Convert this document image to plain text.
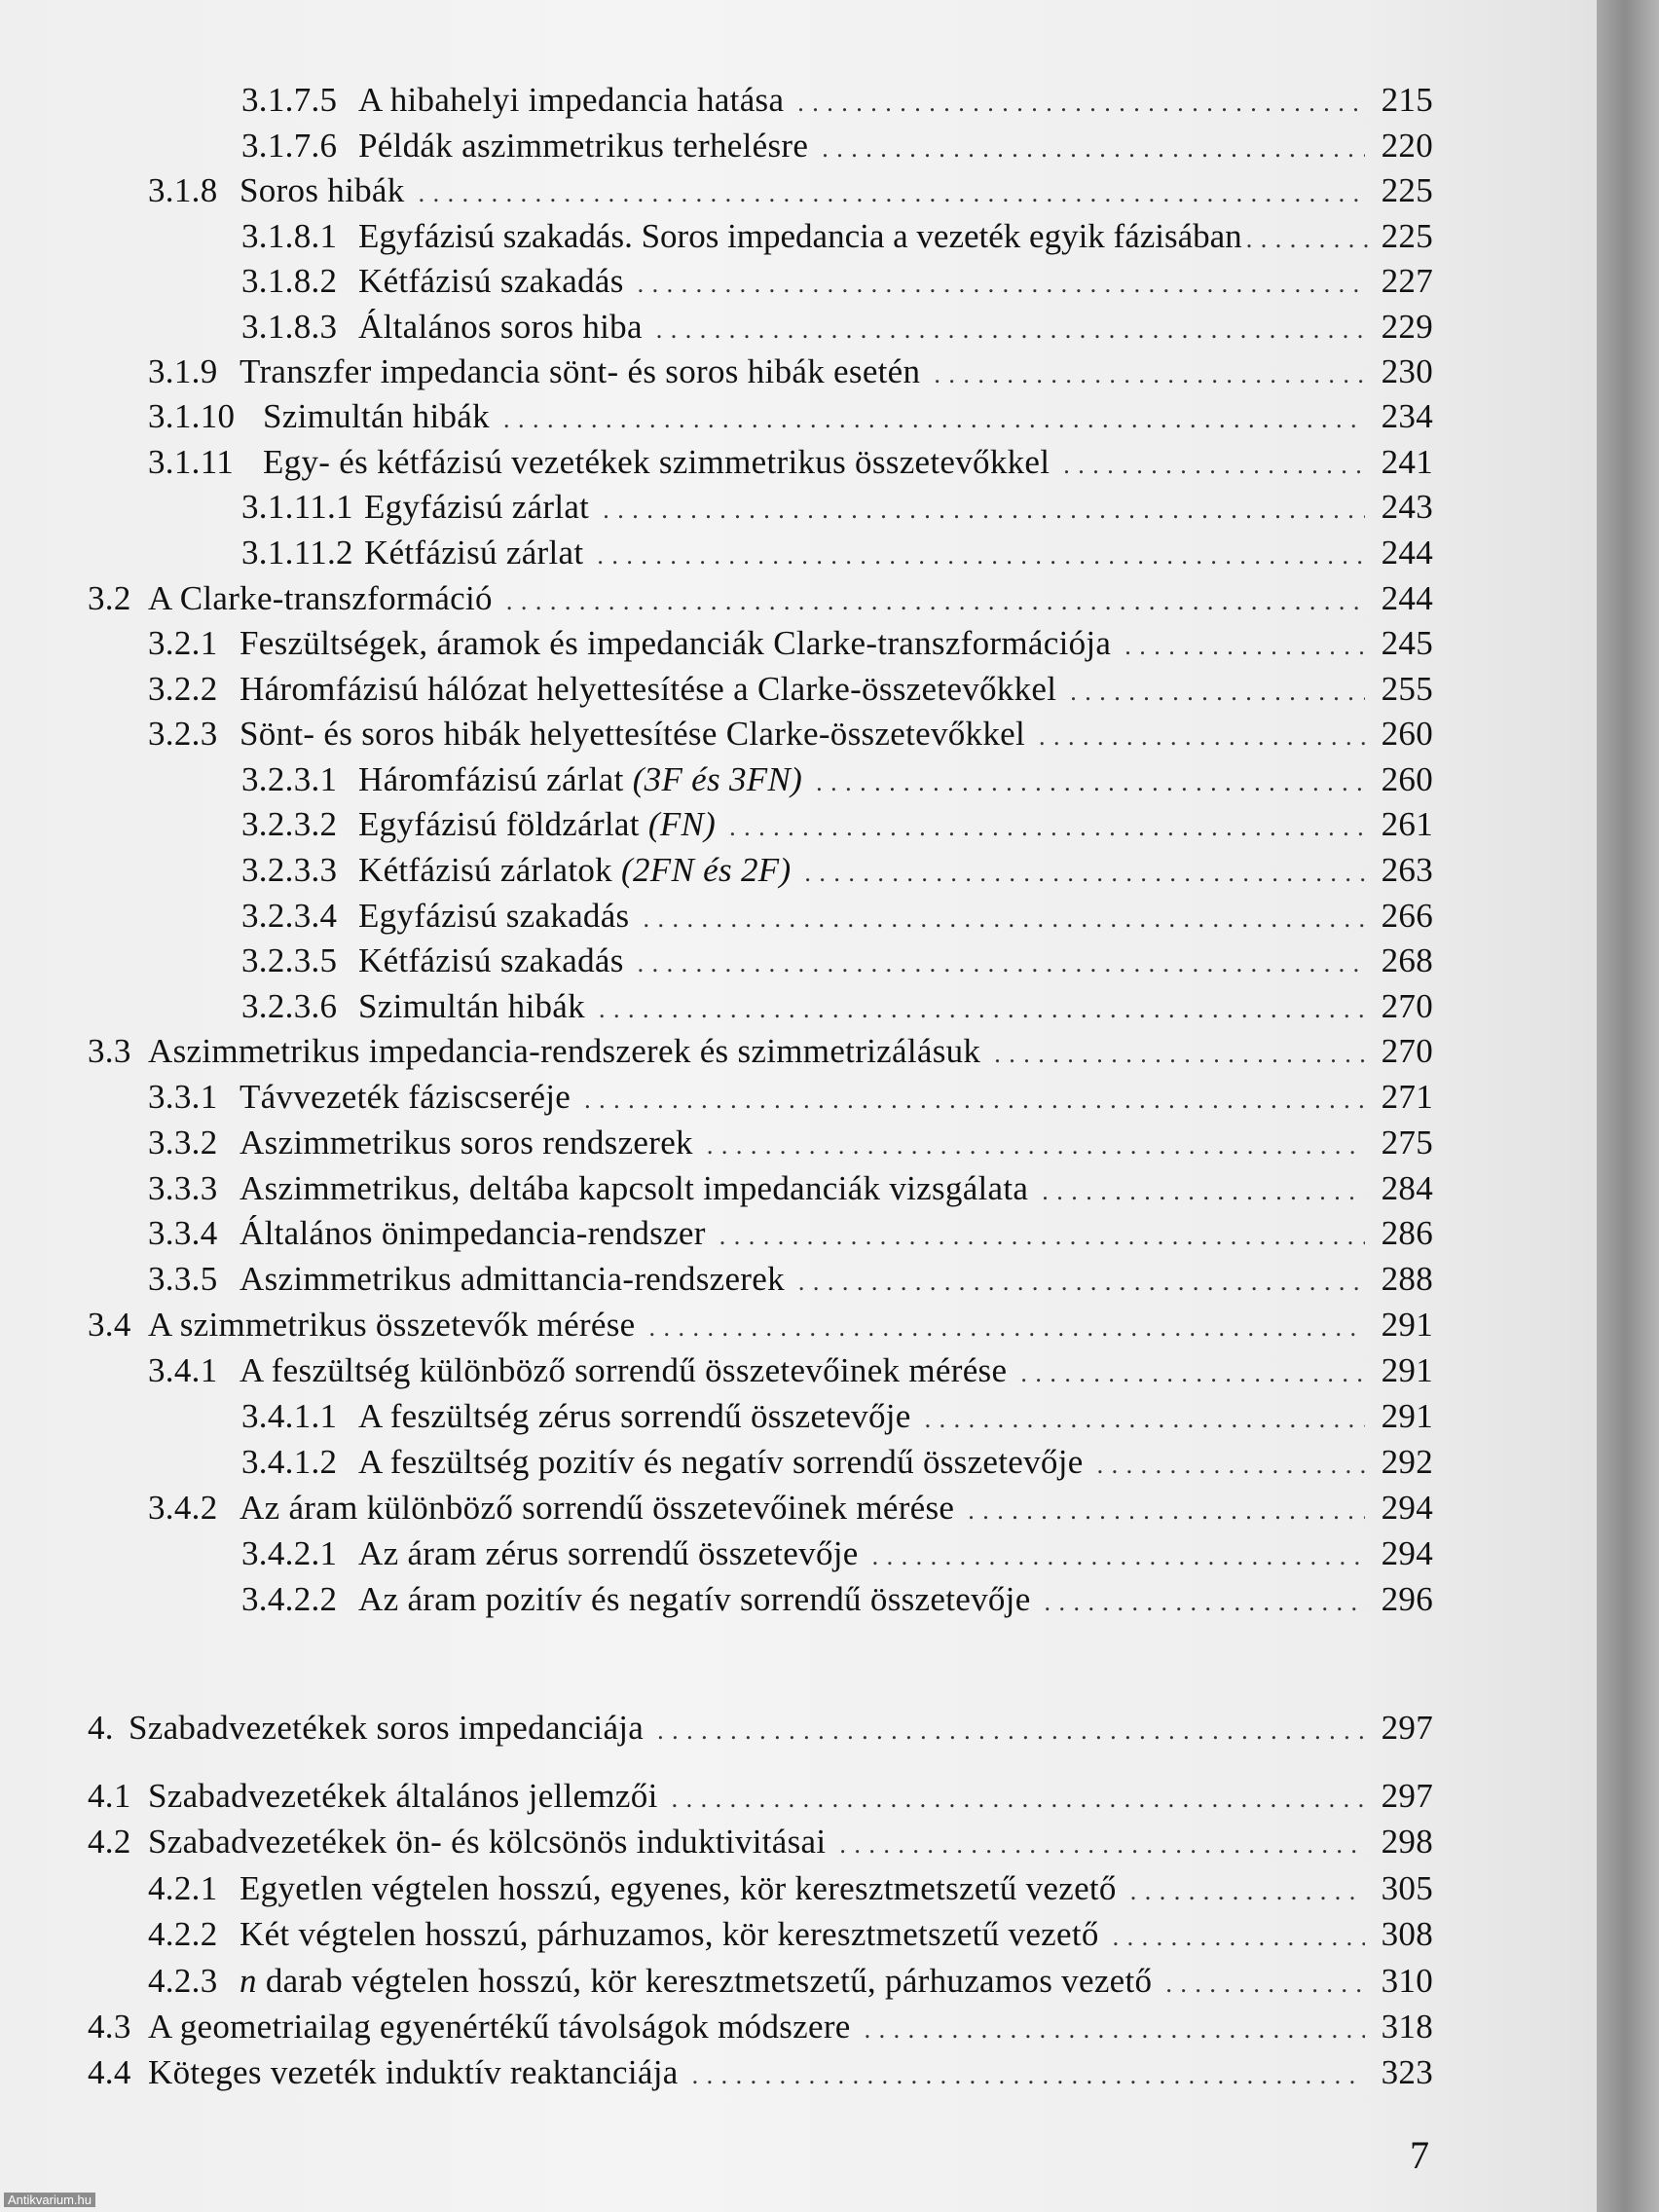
3.1.7.5 A hibahelyi impedancia hatása . . .	215
3.1.7.6 Példák aszimmetrikus terhelésre . . .	220
3.1.8 Soros hibák . . .	225
3.1.8.1 Egyfázisú szakadás. Soros impedancia a vezeték egyik fázisában . . .	225
3.1.8.2 Kétfázisú szakadás . . .	227
3.1.8.3 Általános soros hiba . . .	229
3.1.9 Transzfer impedancia sönt- és soros hibák esetén . . .	230
3.1.10 Szimultán hibák . . .	234
3.1.11 Egy- és kétfázisú vezetékek szimmetrikus összetevőkkel . . .	241
3.1.11.1 Egyfázisú zárlat . . .	243
3.1.11.2 Kétfázisú zárlat . . .	244
3.2 A Clarke-transzformáció . . .	244
3.2.1 Feszültségek, áramok és impedanciák Clarke-transzformációja . . .	245
3.2.2 Háromfázisú hálózat helyettesítése a Clarke-összetevőkkel . . .	255
3.2.3 Sönt- és soros hibák helyettesítése Clarke-összetevőkkel . . .	260
3.2.3.1 Háromfázisú zárlat (3F és 3FN) . . .	260
3.2.3.2 Egyfázisú földzárlat (FN) . . .	261
3.2.3.3 Kétfázisú zárlatok (2FN és 2F) . . .	263
3.2.3.4 Egyfázisú szakadás . . .	266
3.2.3.5 Kétfázisú szakadás . . .	268
3.2.3.6 Szimultán hibák . . .	270
3.3 Aszimmetrikus impedancia-rendszerek és szimmetrizálásuk . . .	270
3.3.1 Távvezeték fáziscseréje . . .	271
3.3.2 Aszimmetrikus soros rendszerek . . .	275
3.3.3 Aszimmetrikus, deltába kapcsolt impedanciák vizsgálata . . .	284
3.3.4 Általános önimpedancia-rendszer . . .	286
3.3.5 Aszimmetrikus admittancia-rendszerek . . .	288
3.4 A szimmetrikus összetevők mérése . . .	291
3.4.1 A feszültség különböző sorrendű összetevőinek mérése . . .	291
3.4.1.1 A feszültség zérus sorrendű összetevője . . .	291
3.4.1.2 A feszültség pozitív és negatív sorrendű összetevője . . .	292
3.4.2 Az áram különböző sorrendű összetevőinek mérése . . .	294
3.4.2.1 Az áram zérus sorrendű összetevője . . .	294
3.4.2.2 Az áram pozitív és negatív sorrendű összetevője . . .	296
4. Szabadvezetékek soros impedanciája . . .	297
4.1 Szabadvezetékek általános jellemzői . . .	297
4.2 Szabadvezetékek ön- és kölcsönös induktivitásai . . .	298
4.2.1 Egyetlen végtelen hosszú, egyenes, kör keresztmetszetű vezető . . .	305
4.2.2 Két végtelen hosszú, párhuzamos, kör keresztmetszetű vezető . . .	308
4.2.3 n darab végtelen hosszú, kör keresztmetszetű, párhuzamos vezető . . .	310
4.3 A geometriailag egyenértékű távolságok módszere . . .	318
4.4 Köteges vezeték induktív reaktanciája . . .	323
7
Antikvarium.hu
